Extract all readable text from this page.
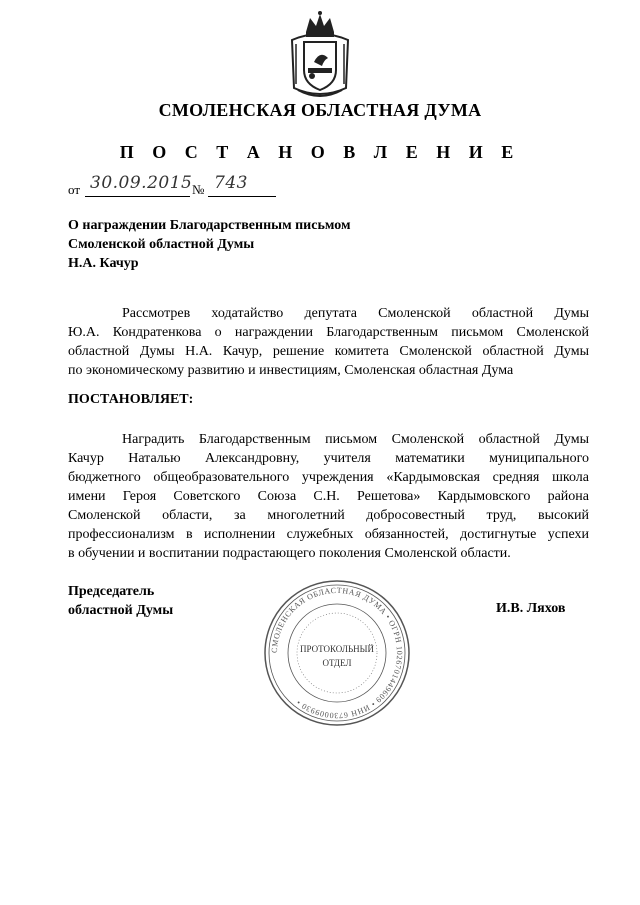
СМОЛЕНСКАЯ ОБЛАСТНАЯ ДУМА
П О С Т А Н О В Л Е Н И Е
от 30.09.2015 № 743
О награждении Благодарственным письмом
Смоленской областной Думы
Н.А. Качур
Рассмотрев ходатайство депутата Смоленской областной Думы
Ю.А. Кондратенкова о награждении Благодарственным письмом Смоленской
областной Думы Н.А. Качур, решение комитета Смоленской областной Думы
по экономическому развитию и инвестициям, Смоленская областная Дума
ПОСТАНОВЛЯЕТ:
Наградить Благодарственным письмом Смоленской областной Думы
Качур Наталью Александровну, учителя математики муниципального
бюджетного общеобразовательного учреждения «Кардымовская средняя школа
имени Героя Советского Союза С.Н. Решетова» Кардымовского района
Смоленской области, за многолетний добросовестный труд, высокий
профессионализм в исполнении служебных обязанностей, достигнутые успехи
в обучении и воспитании подрастающего поколения Смоленской области.
Председатель
областной Думы	И.В. Ляхов
СМОЛЕНСКАЯ ОБЛАСТНАЯ ДУМА • ОГРН 1026701449609 • ИНН 6730009930 •
ПРОТОКОЛЬНЫЙ
ОТДЕЛ
